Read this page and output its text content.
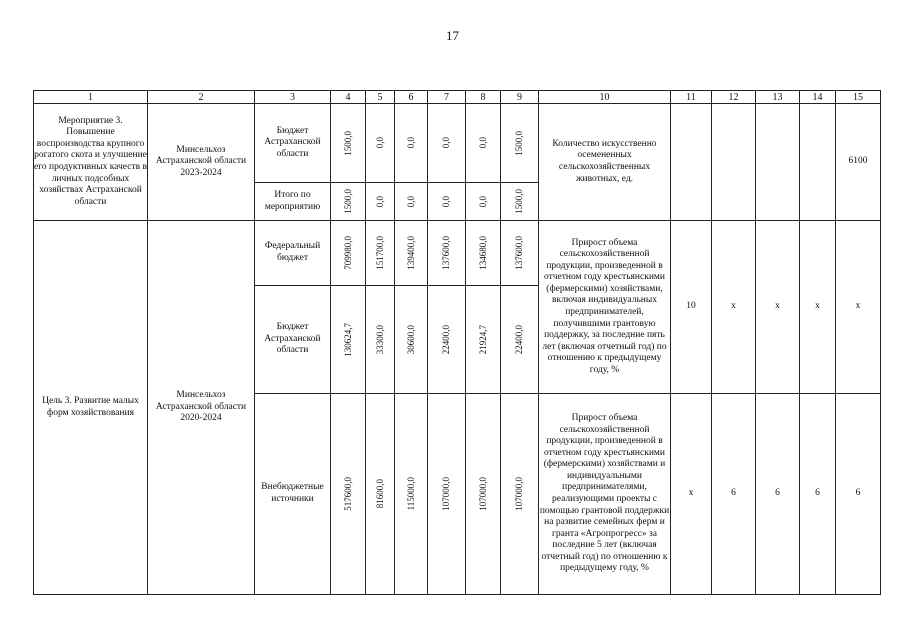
17
1	2	3	4	5	6	7	8	9	10	11	12	13	14	15
Мероприятие 3. Повышение воспроизводства крупного рогатого скота и улучшение его продуктивных качеств в личных подсобных хозяйствах Астраханской области	Минсельхоз Астраханской области 2023-2024	Бюджет Астраханской области	1500,0	0,0	0,0	0,0	0,0	1500,0	Количество искусственно осемененных сельскохозяйственных животных, ед.					6100
		Итого по мероприятию	1500,0	0,0	0,0	0,0	0,0	1500,0						

Цель 3. Развитие малых форм хозяйствования	Минсельхоз Астраханской области 2020-2024	Федеральный бюджет	709980,0	151700,0	139400,0	137600,0	134680,0	137600,0	Прирост объема сельскохозяйственной продукции, произведенной в отчетном году крестьянскими (фермерскими) хозяйствами, включая индивидуальных предпринимателей, получившими грантовую поддержку, за последние пять лет (включая отчетный год) по отношению к предыдущему году, %	10	х	х	х	х
		Бюджет Астраханской области	130624,7	33300,0	30600,0	22400,0	21924,7	22400,0						

		Внебюджетные источники	517600,0	81600,0	115000,0	107000,0	107000,0	107000,0	Прирост объема сельскохозяйственной продукции, произведенной в отчетном году крестьянскими (фермерскими) хозяйствами и индивидуальными предпринимателями, реализующими проекты с помощью грантовой поддержки на развитие семейных ферм и гранта «Агропрогресс» за последние 5 лет (включая отчетный год) по отношению к предыдущему году, %	х	6	6	6	6
